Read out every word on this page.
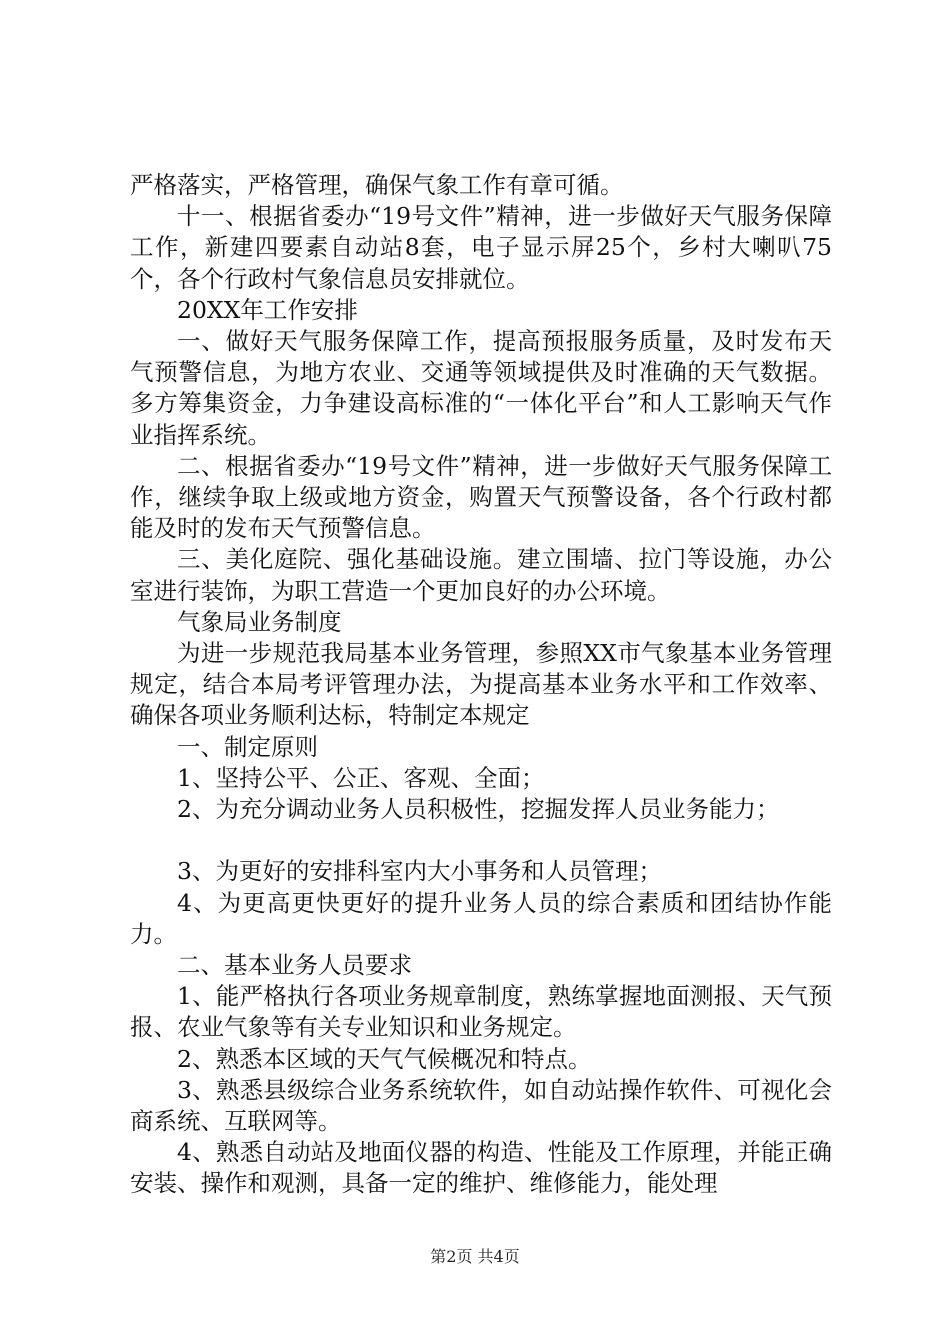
严格落实，严格管理，确保气象工作有章可循。

十一、根据省委办“19号文件”精神，进一步做好天气服务保障工作，新建四要素自动站8套，电子显示屏25个，乡村大喇叭75个，各个行政村气象信息员安排就位。

20XX年工作安排

一、做好天气服务保障工作，提高预报服务质量，及时发布天气预警信息，为地方农业、交通等领域提供及时准确的天气数据。多方筹集资金，力争建设高标准的“一体化平台”和人工影响天气作业指挥系统。

二、根据省委办“19号文件”精神，进一步做好天气服务保障工作，继续争取上级或地方资金，购置天气预警设备，各个行政村都能及时的发布天气预警信息。

三、美化庭院、强化基础设施。建立围墙、拉门等设施，办公室进行装饰，为职工营造一个更加良好的办公环境。

气象局业务制度

为进一步规范我局基本业务管理，参照XX市气象基本业务管理规定，结合本局考评管理办法，为提高基本业务水平和工作效率、确保各项业务顺利达标，特制定本规定

一、制定原则

1、坚持公平、公正、客观、全面；

2、为充分调动业务人员积极性，挖掘发挥人员业务能力；

3、为更好的安排科室内大小事务和人员管理；

4、为更高更快更好的提升业务人员的综合素质和团结协作能力。

二、基本业务人员要求

1、能严格执行各项业务规章制度，熟练掌握地面测报、天气预报、农业气象等有关专业知识和业务规定。

2、熟悉本区域的天气气候概况和特点。

3、熟悉县级综合业务系统软件，如自动站操作软件、可视化会商系统、互联网等。

4、熟悉自动站及地面仪器的构造、性能及工作原理，并能正确安装、操作和观测，具备一定的维护、维修能力，能处理

第2页 共4页
